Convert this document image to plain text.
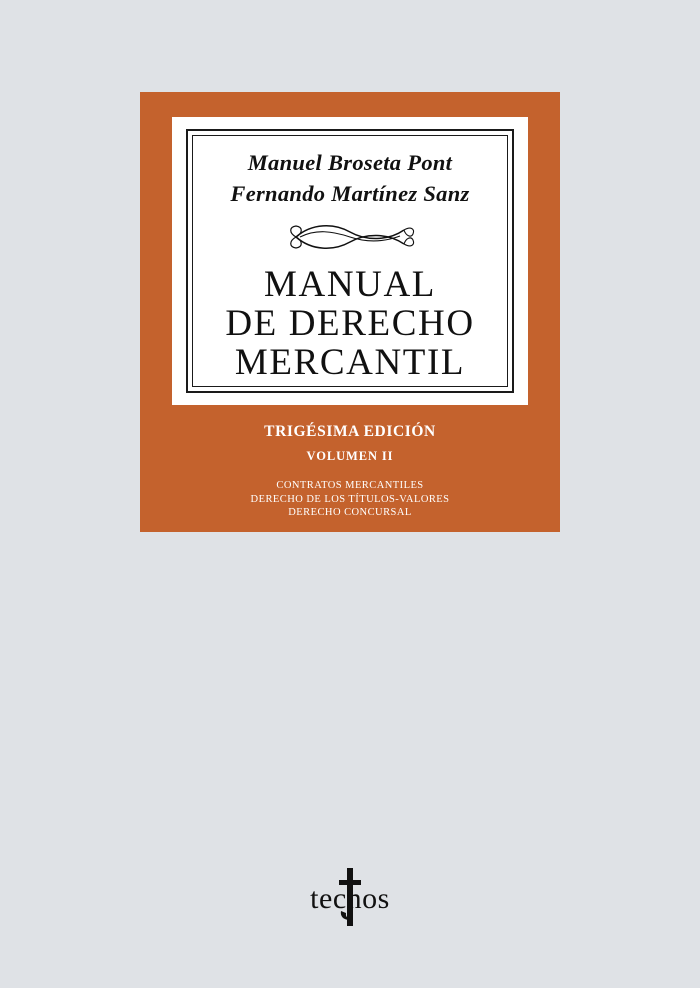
Manuel Broseta Pont
Fernando Martínez Sanz
MANUAL
DE DERECHO
MERCANTIL
TRIGÉSIMA EDICIÓN
VOLUMEN II
CONTRATOS MERCANTILES
DERECHO DE LOS TÍTULOS-VALORES
DERECHO CONCURSAL
tecnos
